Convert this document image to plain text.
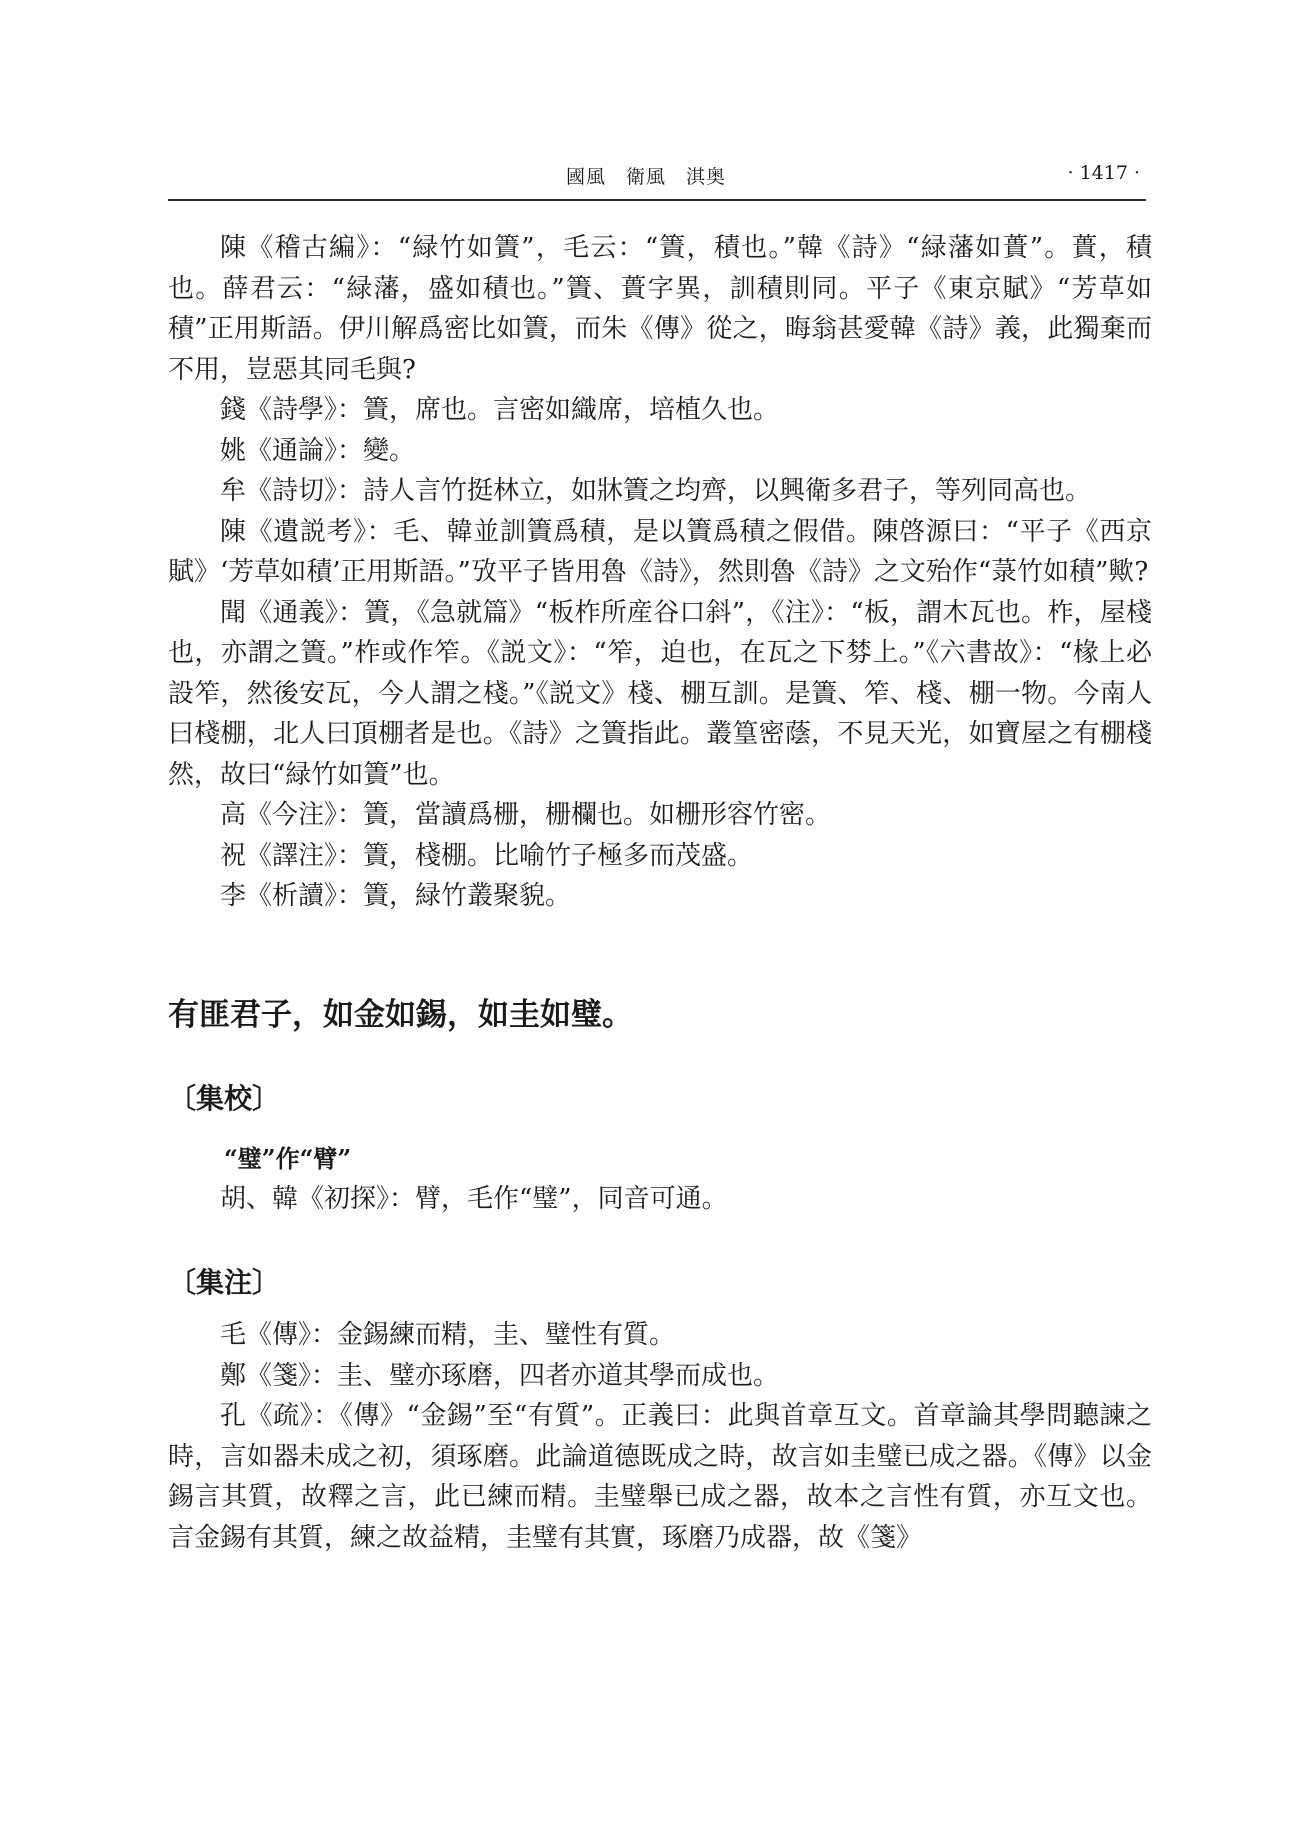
國風　衛風　淇奥	· 1417 ·

陳《稽古編》：“緑竹如簀”，毛云：“簀，積也。”韓《詩》“緑藩如蕢”。蕢，積也。薛君云：“緑藩，盛如積也。”簀、蕢字異，訓積則同。平子《東京賦》“芳草如積”正用斯語。伊川解爲密比如簀，而朱《傳》從之，晦翁甚愛韓《詩》義，此獨棄而不用，豈惡其同毛與?

錢《詩學》：簀，席也。言密如織席，培植久也。

姚《通論》：變。

牟《詩切》：詩人言竹挺林立，如牀簀之均齊，以興衛多君子，等列同高也。

陳《遺説考》：毛、韓並訓簀爲積，是以簀爲積之假借。陳啓源曰：“平子《西京賦》‘芳草如積’正用斯語。”攷平子皆用魯《詩》，然則魯《詩》之文殆作“菉竹如積”歟?

聞《通義》：簀，《急就篇》“板柞所産谷口斜”，《注》：“板，謂木瓦也。柞，屋棧也，亦謂之簀。”柞或作笮。《説文》：“笮，迫也，在瓦之下棼上。”《六書故》：“椽上必設笮，然後安瓦，今人謂之棧。”《説文》棧、棚互訓。是簀、笮、棧、棚一物。今南人曰棧棚，北人曰頂棚者是也。《詩》之簀指此。叢篁密蔭，不見天光，如寶屋之有棚棧然，故曰“緑竹如簀”也。

高《今注》：簀，當讀爲栅，栅欄也。如栅形容竹密。

祝《譯注》：簀，棧棚。比喻竹子極多而茂盛。

李《析讀》：簀，緑竹叢聚貌。

有匪君子，如金如錫，如圭如璧。
〔集校〕

“璧”作“臂”

胡、韓《初探》：臂，毛作“璧”，同音可通。

〔集注〕

毛《傳》：金錫練而精，圭、璧性有質。

鄭《箋》：圭、璧亦琢磨，四者亦道其學而成也。

孔《疏》：《傳》“金錫”至“有質”。正義曰：此與首章互文。首章論其學問聽諫之時，言如器未成之初，須琢磨。此論道德既成之時，故言如圭璧已成之器。《傳》以金錫言其質，故釋之言，此已練而精。圭璧舉已成之器，故本之言性有質，亦互文也。言金錫有其質，練之故益精，圭璧有其實，琢磨乃成器，故《箋》
